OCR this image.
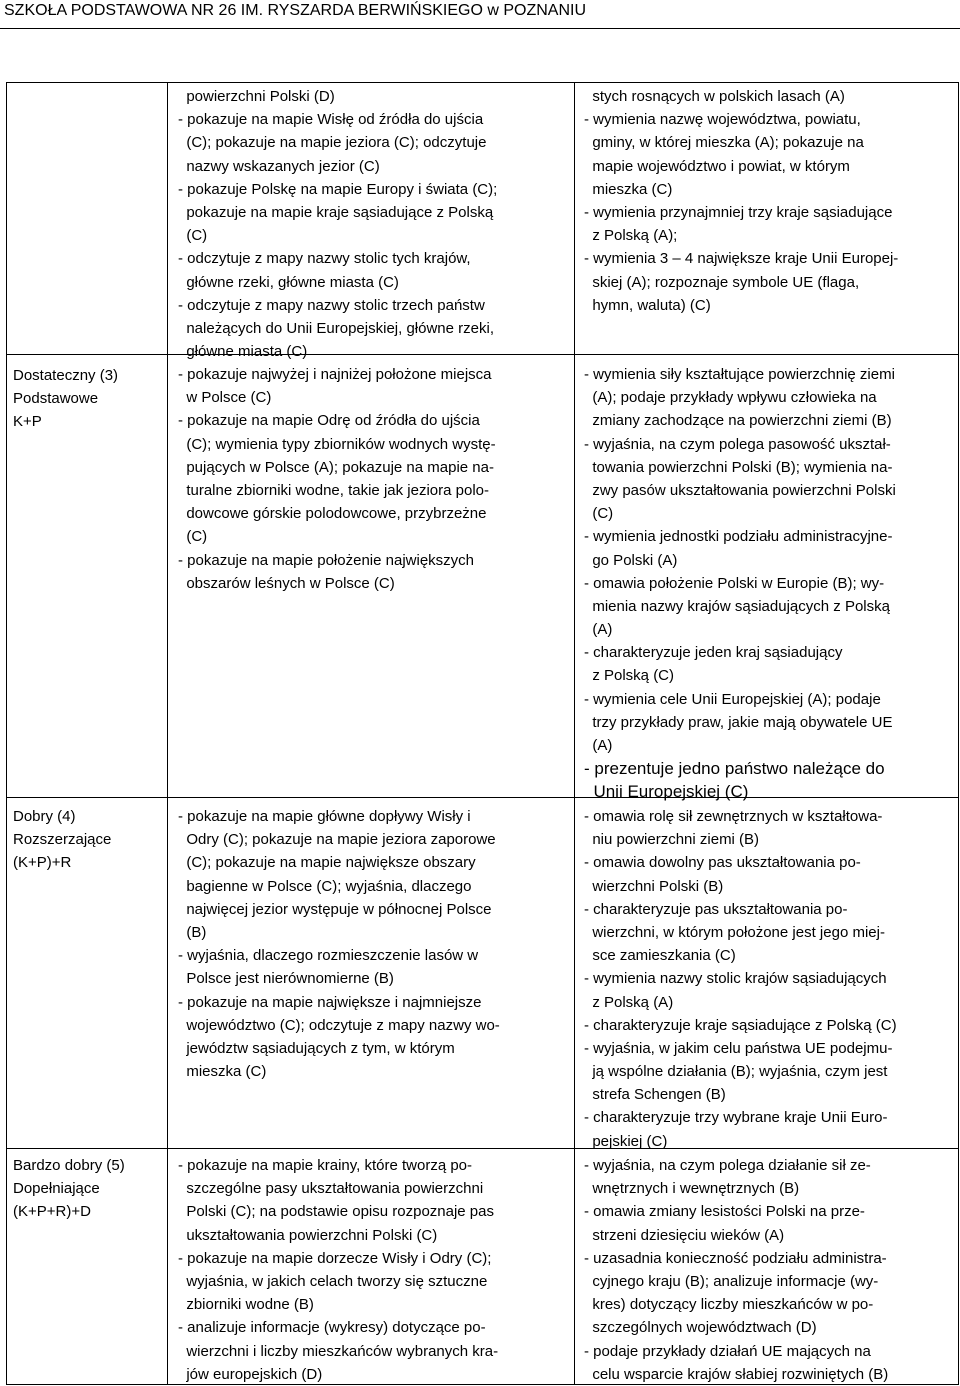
SZKOŁA PODSTAWOWA NR 26 IM. RYSZARDA BERWIŃSKIEGO w POZNANIU
powierzchni Polski (D)
- pokazuje na mapie Wisłę od źródła do ujścia
(C); pokazuje na mapie jeziora (C); odczytuje
nazwy wskazanych jezior (C)
- pokazuje Polskę na mapie Europy i świata (C);
pokazuje na mapie kraje sąsiadujące z Polską
(C)
- odczytuje z mapy nazwy stolic tych krajów,
główne rzeki, główne miasta (C)
- odczytuje z mapy nazwy stolic trzech państw
należących do Unii Europejskiej, główne rzeki,
główne miasta (C)
stych rosnących w polskich lasach (A)
- wymienia nazwę województwa, powiatu,
gminy, w której mieszka (A); pokazuje na
mapie województwo i powiat, w którym
mieszka (C)
- wymienia przynajmniej trzy kraje sąsiadujące
z Polską (A);
- wymienia 3 – 4 największe kraje Unii Europej-
skiej (A); rozpoznaje symbole UE (flaga,
hymn, waluta) (C)
Dostateczny (3)
Podstawowe
K+P
- pokazuje najwyżej i najniżej położone miejsca
w Polsce (C)
- pokazuje na mapie Odrę od źródła do ujścia
(C); wymienia typy zbiorników wodnych wystę-
pujących w Polsce (A); pokazuje na mapie na-
turalne zbiorniki wodne, takie jak jeziora polo-
dowcowe górskie polodowcowe, przybrzeżne
(C)
- pokazuje na mapie położenie największych
obszarów leśnych w Polsce (C)
- wymienia siły kształtujące powierzchnię ziemi
(A); podaje przykłady wpływu człowieka na
zmiany zachodzące na powierzchni ziemi (B)
- wyjaśnia, na czym polega pasowość ukształ-
towania powierzchni Polski (B); wymienia na-
zwy pasów ukształtowania powierzchni Polski
(C)
- wymienia jednostki podziału administracyjne-
go Polski (A)
- omawia położenie Polski w Europie (B); wy-
mienia nazwy krajów sąsiadujących z Polską
(A)
- charakteryzuje jeden kraj sąsiadujący
z Polską (C)
- wymienia cele Unii Europejskiej (A); podaje
trzy przykłady praw, jakie mają obywatele UE
(A)
- prezentuje jedno państwo należące do
Unii Europejskiej (C)
Dobry (4)
Rozszerzające
(K+P)+R
- pokazuje na mapie główne dopływy Wisły i
Odry (C); pokazuje na mapie jeziora zaporowe
(C); pokazuje na mapie największe obszary
bagienne w Polsce (C); wyjaśnia, dlaczego
najwięcej jezior występuje w północnej Polsce
(B)
- wyjaśnia, dlaczego rozmieszczenie lasów w
Polsce jest nierównomierne (B)
- pokazuje na mapie największe i najmniejsze
województwo (C); odczytuje z mapy nazwy wo-
jewództw sąsiadujących z tym, w którym
mieszka (C)
- omawia rolę sił zewnętrznych w kształtowa-
niu powierzchni ziemi (B)
- omawia dowolny pas ukształtowania po-
wierzchni Polski (B)
- charakteryzuje pas ukształtowania po-
wierzchni, w którym położone jest jego miej-
sce zamieszkania (C)
- wymienia nazwy stolic krajów sąsiadujących
z Polską (A)
- charakteryzuje kraje sąsiadujące z Polską (C)
- wyjaśnia, w jakim celu państwa UE podejmu-
ją wspólne działania (B); wyjaśnia, czym jest
strefa Schengen (B)
- charakteryzuje trzy wybrane kraje Unii Euro-
pejskiej (C)
Bardzo dobry (5)
Dopełniające
(K+P+R)+D
- pokazuje na mapie krainy, które tworzą po-
szczególne pasy ukształtowania powierzchni
Polski (C); na podstawie opisu rozpoznaje pas
ukształtowania powierzchni Polski (C)
- pokazuje na mapie dorzecze Wisły i Odry (C);
wyjaśnia, w jakich celach tworzy się sztuczne
zbiorniki wodne (B)
- analizuje informacje (wykresy) dotyczące po-
wierzchni i liczby mieszkańców wybranych kra-
jów europejskich (D)
- wyjaśnia, na czym polega działanie sił ze-
wnętrznych i wewnętrznych (B)
- omawia zmiany lesistości Polski na prze-
strzeni dziesięciu wieków (A)
- uzasadnia konieczność podziału administra-
cyjnego kraju (B); analizuje informacje (wy-
kres) dotyczący liczby mieszkańców w po-
szczególnych województwach (D)
- podaje przykłady działań UE mających na
celu wsparcie krajów słabiej rozwiniętych (B)
